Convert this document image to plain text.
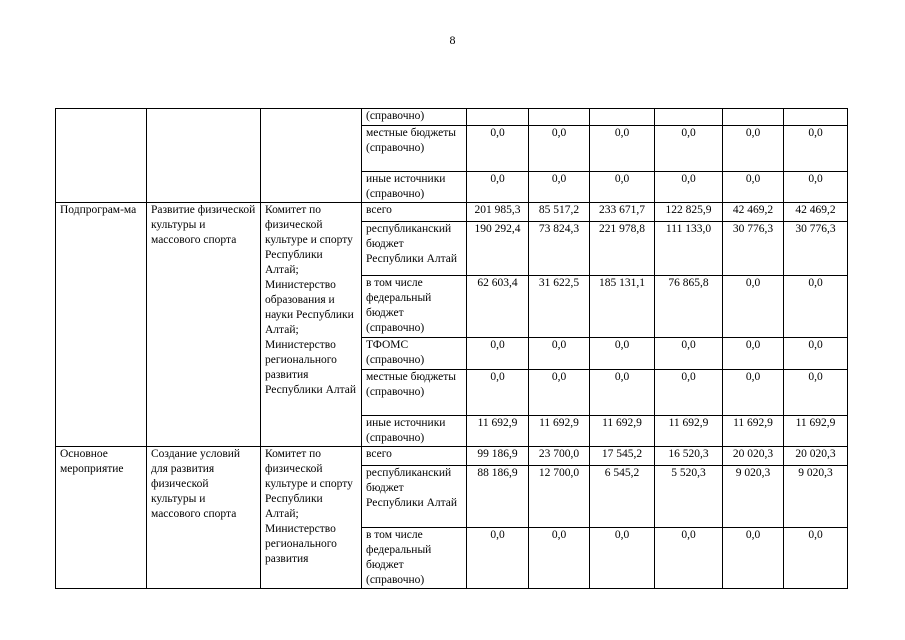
8
			(справочно)						
			местные бюджеты (справочно)	0,0	0,0	0,0	0,0	0,0	0,0
			иные источники (справочно)	0,0	0,0	0,0	0,0	0,0	0,0
Подпрограм-ма	Развитие физической культуры и массового спорта	Комитет по физической культуре и спорту Республики Алтай; Министерство образования и науки Республики Алтай; Министерство регионального развития Республики Алтай	всего	201 985,3	85 517,2	233 671,7	122 825,9	42 469,2	42 469,2
			республиканский бюджет Республики Алтай	190 292,4	73 824,3	221 978,8	111 133,0	30 776,3	30 776,3
			в том числе федеральный бюджет (справочно)	62 603,4	31 622,5	185 131,1	76 865,8	0,0	0,0
			ТФОМС (справочно)	0,0	0,0	0,0	0,0	0,0	0,0
			местные бюджеты (справочно)	0,0	0,0	0,0	0,0	0,0	0,0
			иные источники (справочно)	11 692,9	11 692,9	11 692,9	11 692,9	11 692,9	11 692,9
Основное мероприятие	Создание условий для развития физической культуры и массового спорта	Комитет по физической культуре и спорту Республики Алтай; Министерство регионального развития	всего	99 186,9	23 700,0	17 545,2	16 520,3	20 020,3	20 020,3
			республиканский бюджет Республики Алтай	88 186,9	12 700,0	6 545,2	5 520,3	9 020,3	9 020,3
			в том числе федеральный бюджет (справочно)	0,0	0,0	0,0	0,0	0,0	0,0
